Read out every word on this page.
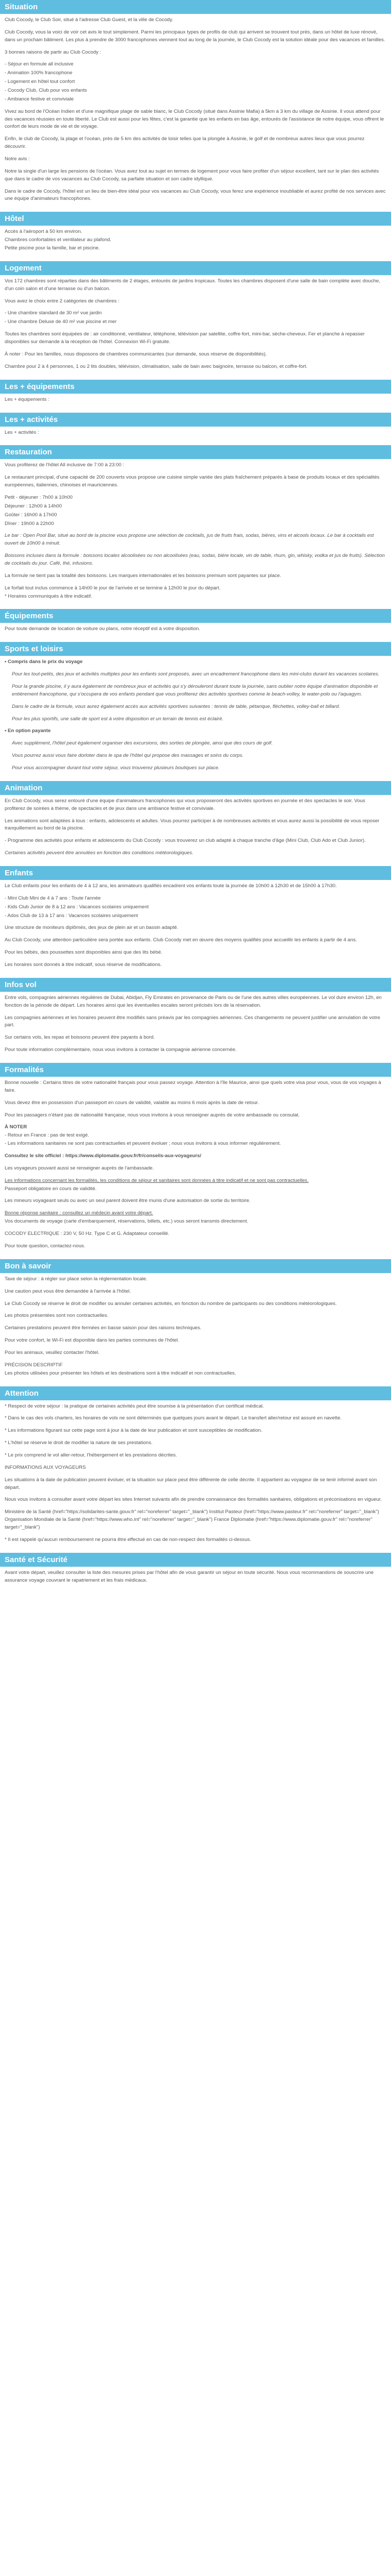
Situation

Club Cocody, le Club Soir, situé à l'adresse Club Guest, et la ville de Cocody.

Club Cocody, vous la voici de voir cet avis le tout simplement. Parmi les principaux types de profils de club qui arrivent se trouvent tout près, dans un hôtel de luxe rénové, dans un prochain bâtiment. Les plus à prendre de 3000 francophones viennent tout au long de la journée, le Club Cocody est la solution idéale pour des vacances et familles.

3 bonnes raisons de partir au Club Cocody :

- Séjour en formule all inclusive
- Animation 100% francophone
- Logement en hôtel tout confort
- Cocody Club, Club pour vos enfants
- Ambiance festive et conviviale

Vivez au bord de l'Océan Indien et d'une magnifique plage de sable blanc, le Club Cocody (situé dans Assinie Mafia) à 5km à 3 km du village de Assinie. Il vous attend pour des vacances réussies en toute liberté. Le Club est aussi pour les fêtes, c'est la garantie que les enfants en bas âge, entourés de l'assistance de notre équipe, vous offrent le confort de leurs mode de vie et de voyage.

Enfin, le club de Cocody, la plage et l'océan, près de 5 km des activités de loisir telles que la plongée à Assinie, le golf et de nombreux autres lieux que vous pourrez découvrir.

Notre avis :

Notre la single d'un large les pensions de l'océan. Vous avez tout au sujet en termes de logement pour vous faire profiter d'un séjour excellent, tant sur le plan des activités que dans le cadre de vos vacances au Club Cocody, sa parfaite situation et son cadre idyllique.

Dans le cadre de Cocody, l'hôtel est un lieu de bien-être idéal pour vos vacances au Club Cocody, vous ferez une expérience inoubliable et aurez profité de nos services avec une équipe d'animateurs francophones.

Hôtel

Accès à l'aéroport à 50 km environ.

Chambres confortables et ventilateur au plafond.

Petite piscine pour la famille, bar et piscine.

Logement

Vos 172 chambres sont réparties dans des bâtiments de 2 étages, entourés de jardins tropicaux. Toutes les chambres disposent d'une salle de bain complète avec douche, d'un coin salon et d'une terrasse ou d'un balcon.

Vous avez le choix entre 2 catégories de chambres :

- Une chambre standard de 30 m² vue jardin
- Une chambre Deluxe de 40 m² vue piscine et mer

Toutes les chambres sont équipées de : air conditionné, ventilateur, téléphone, télévision par satellite, coffre-fort, mini-bar, sèche-cheveux. Fer et planche à repasser disponibles sur demande à la réception de l'hôtel. Connexion Wi-Fi gratuite.

À noter : Pour les familles, nous disposons de chambres communicantes (sur demande, sous réserve de disponibilités).

Chambre pour 2 à 4 personnes, 1 ou 2 lits doubles, télévision, climatisation, salle de bain avec baignoire, terrasse ou balcon, et coffre-fort.

Les + équipements

Les + équipements :

Les + activités

Les + activités :

Restauration

Vous profiterez de l'hôtel All inclusive de 7:00 à 23:00 :

Le restaurant principal, d'une capacité de 200 couverts vous propose une cuisine simple variée des plats fraîchement préparés à base de produits locaux et des spécialités européennes, italiennes, chinoises et mauriciennes.

Petit - déjeuner : 7h00 à 10h00
Déjeuner : 12h00 à 14h00
Goûter : 16h00 à 17h00
Dîner : 19h00 à 22h00

Le bar : Open Pool Bar, situé au bord de la piscine vous propose une sélection de cocktails, jus de fruits frais, sodas, bières, vins et alcools locaux. Le bar à cocktails est ouvert de 10h00 à minuit.

Boissons incluses dans la formule : boissons locales alcoolisées ou non alcoolisées (eau, sodas, bière locale, vin de table, rhum, gin, whisky, vodka et jus de fruits). Sélection de cocktails du jour. Café, thé, infusions.

La formule ne tient pas la totalité des boissons. Les marques internationales et les boissons premium sont payantes sur place.

Le forfait tout inclus commence à 14h00 le jour de l'arrivée et se termine à 12h00 le jour du départ.

* Horaires communiqués à titre indicatif.

Équipements

Pour toute demande de location de voiture ou plans, notre réceptif est à votre disposition.

Sports et loisirs

• Compris dans le prix du voyage

Pour les tout-petits, des jeux et activités multiples pour les enfants sont proposés, avec un encadrement francophone dans les mini-clubs durant les vacances scolaires.

Pour la grande piscine, il y aura également de nombreux jeux et activités qui s'y dérouleront durant toute la journée, sans oublier notre équipe d'animation disponible et entièrement francophone, qui s'occupera de vos enfants pendant que vous profiterez des activités sportives comme le beach-volley, le water-polo ou l'aquagym.

Dans le cadre de la formule, vous aurez également accès aux activités sportives suivantes : tennis de table, pétanque, fléchettes, volley-ball et billard.

Pour les plus sportifs, une salle de sport est à votre disposition et un terrain de tennis est éclairé.

• En option payante

Avec supplément, l'hôtel peut également organiser des excursions, des sorties de plongée, ainsi que des cours de golf.

Vous pourrez aussi vous faire dorloter dans le spa de l'hôtel qui propose des massages et soins du corps.

Pour vous accompagner durant tout votre séjour, vous trouverez plusieurs boutiques sur place.

Animation

En Club Cocody, vous serez entouré d'une équipe d'animateurs francophones qui vous proposeront des activités sportives en journée et des spectacles le soir. Vous profiterez de soirées à thème, de spectacles et de jeux dans une ambiance festive et conviviale.

Les animations sont adaptées à tous : enfants, adolescents et adultes. Vous pourrez participer à de nombreuses activités et vous aurez aussi la possibilité de vous reposer tranquillement au bord de la piscine.

- Programme des activités pour enfants et adolescents du Club Cocody : vous trouverez un club adapté à chaque tranche d'âge (Mini Club, Club Ado et Club Junior).

Certaines activités peuvent être annulées en fonction des conditions météorologiques.

Enfants

Le Club enfants pour les enfants de 4 à 12 ans, les animateurs qualifiés encadrent vos enfants toute la journée de 10h00 à 12h30 et de 15h00 à 17h30.

- Mini Club Mini de 4 à 7 ans : Toute l'année
- Kids Club Junior de 8 à 12 ans : Vacances scolaires uniquement
- Ados Club de 13 à 17 ans : Vacances scolaires uniquement

Une structure de moniteurs diplômés, des jeux de plein air et un bassin adapté.

Au Club Cocody, une attention particulière sera portée aux enfants. Club Cocody met en œuvre des moyens qualifiés pour accueillir les enfants à partir de 4 ans.

Pour les bébés, des poussettes sont disponibles ainsi que des lits bébé.

Les horaires sont donnés à titre indicatif, sous réserve de modifications.

Infos vol

Entre vols, compagnies aériennes régulières de Dubai, Abidjan, Fly Emirates en provenance de Paris ou de l'une des autres villes européennes. Le vol dure environ 12h, en fonction de la période de départ. Les horaires ainsi que les éventuelles escales seront précisés lors de la réservation.

Les compagnies aériennes et les horaires peuvent être modifiés sans préavis par les compagnies aériennes. Ces changements ne peuvent justifier une annulation de votre part.

Sur certains vols, les repas et boissons peuvent être payants à bord.

Pour toute information complémentaire, nous vous invitons à contacter la compagnie aérienne concernée.

Formalités

Bonne nouvelle : Certains titres de votre nationalité français pour vous passez voyage. Attention à l'île Maurice, ainsi que quels votre visa pour vous, vous de vos voyages à faire.

Vous devez être en possession d'un passeport en cours de validité, valable au moins 6 mois après la date de retour.

Pour les passagers n'étant pas de nationalité française, nous vous invitons à vous renseigner auprès de votre ambassade ou consulat.

À NOTER

- Retour en France : pas de test exigé.

- Les informations sanitaires ne sont pas contractuelles et peuvent évoluer ; nous vous invitons à vous informer régulièrement.

Consultez le site officiel : https://www.diplomatie.gouv.fr/fr/conseils-aux-voyageurs/

Les voyageurs pouvant aussi se renseigner auprès de l'ambassade.

Les informations concernant les formalités, les conditions de séjour et sanitaires sont données à titre indicatif et ne sont pas contractuelles.

Passeport obligatoire en cours de validité.

Les mineurs voyageant seuls ou avec un seul parent doivent être munis d'une autorisation de sortie du territoire.

Bonne réponse sanitaire : consultez un médecin avant votre départ.

Vos documents de voyage (carte d'embarquement, réservations, billets, etc.) vous seront transmis directement.

COCODY ELECTRIQUE : 230 V, 50 Hz. Type C et G. Adaptateur conseillé.

Pour toute question, contactez-nous.

Bon à savoir

Taxe de séjour : à régler sur place selon la réglementation locale.

Une caution peut vous être demandée à l'arrivée à l'hôtel.

Le Club Cocody se réserve le droit de modifier ou annuler certaines activités, en fonction du nombre de participants ou des conditions météorologiques.

Les photos présentées sont non contractuelles.

Certaines prestations peuvent être fermées en basse saison pour des raisons techniques.

Pour votre confort, le Wi-Fi est disponible dans les parties communes de l'hôtel.

Pour les animaux, veuillez contacter l'hôtel.

PRÉCISION DESCRIPTIF

Les photos utilisées pour présenter les hôtels et les destinations sont à titre indicatif et non contractuelles.

Attention

* Respect de votre séjour : la pratique de certaines activités peut être soumise à la présentation d'un certificat médical.

* Dans le cas des vols charters, les horaires de vols ne sont déterminés que quelques jours avant le départ. Le transfert aller/retour est assuré en navette.

* Les informations figurant sur cette page sont à jour à la date de leur publication et sont susceptibles de modification.

* L'hôtel se réserve le droit de modifier la nature de ses prestations.

* Le prix comprend le vol aller-retour, l'hébergement et les prestations décrites.

INFORMATIONS AUX VOYAGEURS

Les situations à la date de publication peuvent évoluer, et la situation sur place peut être différente de celle décrite. Il appartient au voyageur de se tenir informé avant son départ.

Nous vous invitons à consulter avant votre départ les sites Internet suivants afin de prendre connaissance des formalités sanitaires, obligations et préconisations en vigueur.

Ministère de la Santé (href="https://solidarites-sante.gouv.fr" rel="noreferrer" target="_blank") Institut Pasteur (href="https://www.pasteur.fr" rel="noreferrer" target="_blank") Organisation Mondiale de la Santé (href="https://www.who.int" rel="noreferrer" target="_blank") France Diplomatie (href="https://www.diplomatie.gouv.fr" rel="noreferrer" target="_blank")

* Il est rappelé qu'aucun remboursement ne pourra être effectué en cas de non-respect des formalités ci-dessus.

Santé et Sécurité

Avant votre départ, veuillez consulter la liste des mesures prises par l'hôtel afin de vous garantir un séjour en toute sécurité. Nous vous recommandons de souscrire une assurance voyage couvrant le rapatriement et les frais médicaux.
